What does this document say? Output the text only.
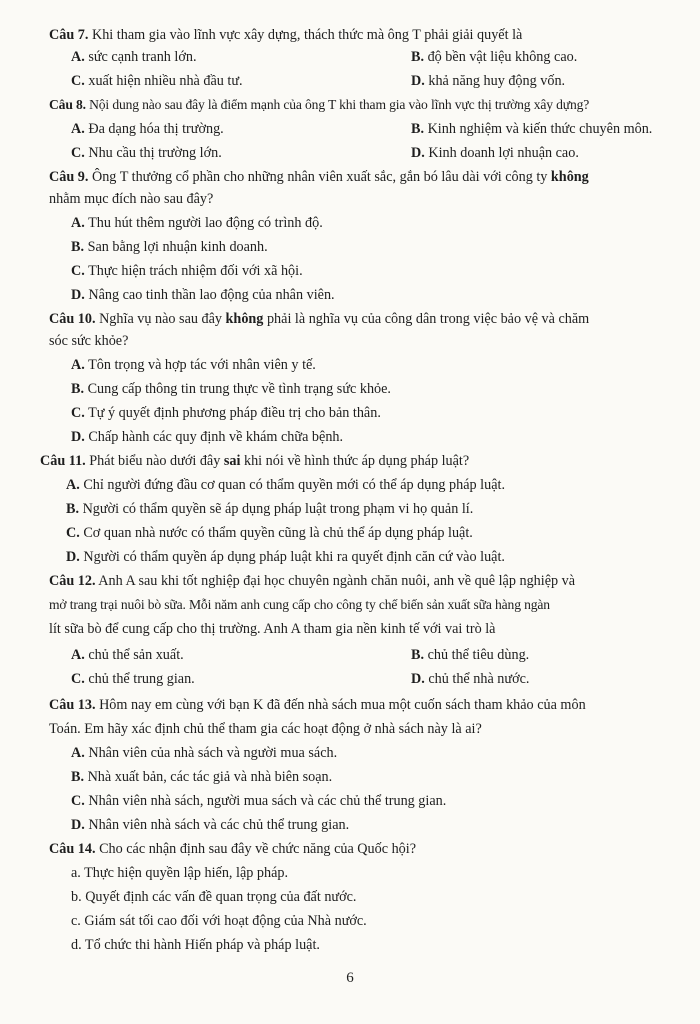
Câu 7. Khi tham gia vào lĩnh vực xây dựng, thách thức mà ông T phải giải quyết là
A. sức cạnh tranh lớn.	B. độ bền vật liệu không cao.
C. xuất hiện nhiều nhà đầu tư.	D. khả năng huy động vốn.
Câu 8. Nội dung nào sau đây là điểm mạnh của ông T khi tham gia vào lĩnh vực thị trường xây dựng?
A. Đa dạng hóa thị trường.	B. Kinh nghiệm và kiến thức chuyên môn.
C. Nhu cầu thị trường lớn.	D. Kinh doanh lợi nhuận cao.
Câu 9. Ông T thưởng cổ phần cho những nhân viên xuất sắc, gắn bó lâu dài với công ty không
nhằm mục đích nào sau đây?
A. Thu hút thêm người lao động có trình độ.
B. San bằng lợi nhuận kinh doanh.
C. Thực hiện trách nhiệm đối với xã hội.
D. Nâng cao tinh thần lao động của nhân viên.
Câu 10. Nghĩa vụ nào sau đây không phải là nghĩa vụ của công dân trong việc bảo vệ và chăm
sóc sức khỏe?
A. Tôn trọng và hợp tác với nhân viên y tế.
B. Cung cấp thông tin trung thực về tình trạng sức khỏe.
C. Tự ý quyết định phương pháp điều trị cho bản thân.
D. Chấp hành các quy định về khám chữa bệnh.
Câu 11. Phát biểu nào dưới đây sai khi nói về hình thức áp dụng pháp luật?
A. Chỉ người đứng đầu cơ quan có thẩm quyền mới có thể áp dụng pháp luật.
B. Người có thẩm quyền sẽ áp dụng pháp luật trong phạm vi họ quản lí.
C. Cơ quan nhà nước có thẩm quyền cũng là chủ thể áp dụng pháp luật.
D. Người có thẩm quyền áp dụng pháp luật khi ra quyết định căn cứ vào luật.
Câu 12. Anh A sau khi tốt nghiệp đại học chuyên ngành chăn nuôi, anh về quê lập nghiệp và
mở trang trại nuôi bò sữa. Mỗi năm anh cung cấp cho công ty chế biến sản xuất sữa hàng ngàn
lít sữa bò để cung cấp cho thị trường. Anh A tham gia nền kinh tế với vai trò là
A. chủ thể sản xuất.	B. chủ thể tiêu dùng.
C. chủ thể trung gian.	D. chủ thể nhà nước.
Câu 13. Hôm nay em cùng với bạn K đã đến nhà sách mua một cuốn sách tham khảo của môn
Toán. Em hãy xác định chủ thể tham gia các hoạt động ở nhà sách này là ai?
A. Nhân viên của nhà sách và người mua sách.
B. Nhà xuất bản, các tác giả và nhà biên soạn.
C. Nhân viên nhà sách, người mua sách và các chủ thể trung gian.
D. Nhân viên nhà sách và các chủ thể trung gian.
Câu 14. Cho các nhận định sau đây về chức năng của Quốc hội?
a. Thực hiện quyền lập hiến, lập pháp.
b. Quyết định các vấn đề quan trọng của đất nước.
c. Giám sát tối cao đối với hoạt động của Nhà nước.
d. Tổ chức thi hành Hiến pháp và pháp luật.
6
